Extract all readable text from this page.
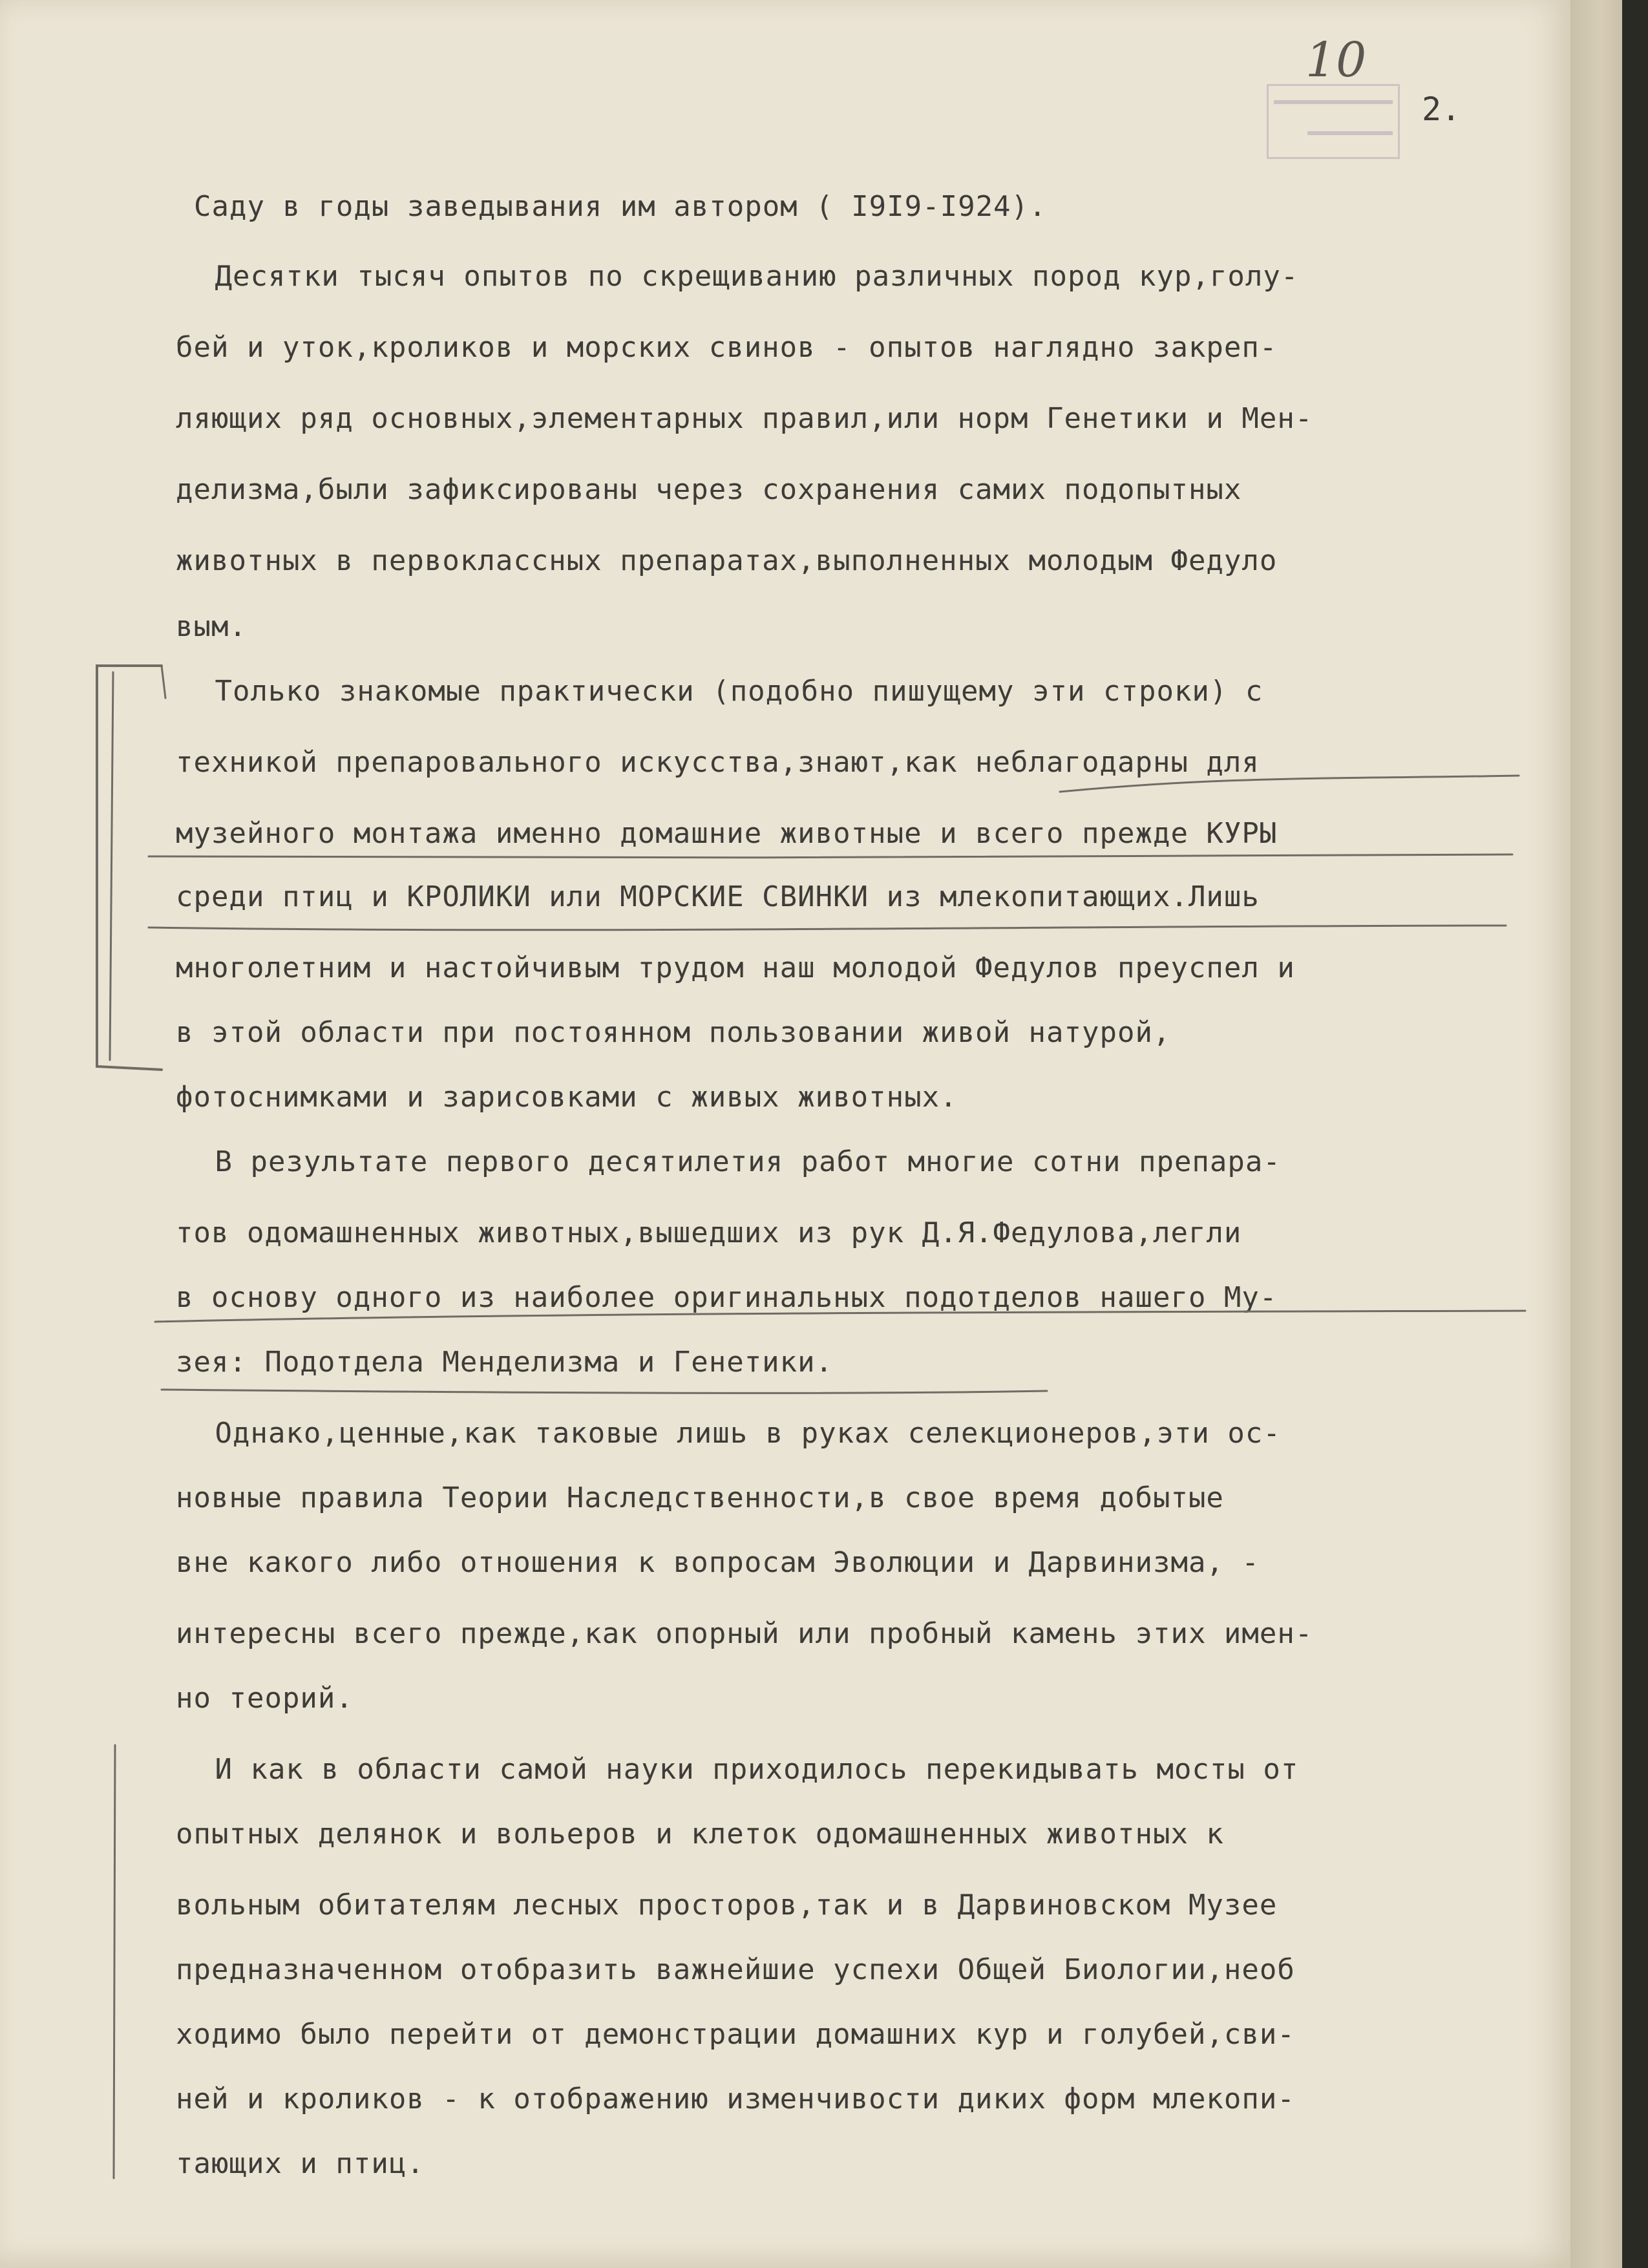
10
2.
Саду в годы заведывания им автором ( I9I9-I924).
Десятки тысяч опытов по скрещиванию различных пород кур,голу-
бей и уток,кроликов и морских свинов - опытов наглядно закреп-
ляющих ряд основных,элементарных правил,или норм Генетики и Мен-
делизма,были зафиксированы через сохранения самих подопытных
животных в первоклассных препаратах,выполненных молодым Федуло
вым.
Только знакомые практически (подобно пишущему эти строки) с
техникой препаровального искусства,знают,как неблагодарны для
музейного монтажа именно домашние животные и всего прежде КУРЫ
среди птиц и КРОЛИКИ или МОРСКИЕ СВИНКИ из млекопитающих.Лишь
многолетним и настойчивым трудом наш молодой Федулов преуспел и
в этой области при постоянном пользовании живой натурой,
фотоснимками и зарисовками с живых животных.
В результате первого десятилетия работ многие сотни препара-
тов одомашненных животных,вышедших из рук Д.Я.Федулова,легли
в основу одного из наиболее оригинальных подотделов нашего Му-
зея: Подотдела Менделизма и Генетики.
Однако,ценные,как таковые лишь в руках селекционеров,эти ос-
новные правила Теории Наследственности,в свое время добытые
вне какого либо отношения к вопросам Эволюции и Дарвинизма, -
интересны всего прежде,как опорный или пробный камень этих имен-
но теорий.
И как в области самой науки приходилось перекидывать мосты от
опытных делянок и вольеров и клеток одомашненных животных к
вольным обитателям лесных просторов,так и в Дарвиновском Музее
предназначенном отобразить важнейшие успехи Общей Биологии,необ
ходимо было перейти от демонстрации домашних кур и голубей,сви-
ней и кроликов - к отображению изменчивости диких форм млекопи-
тающих и птиц.
